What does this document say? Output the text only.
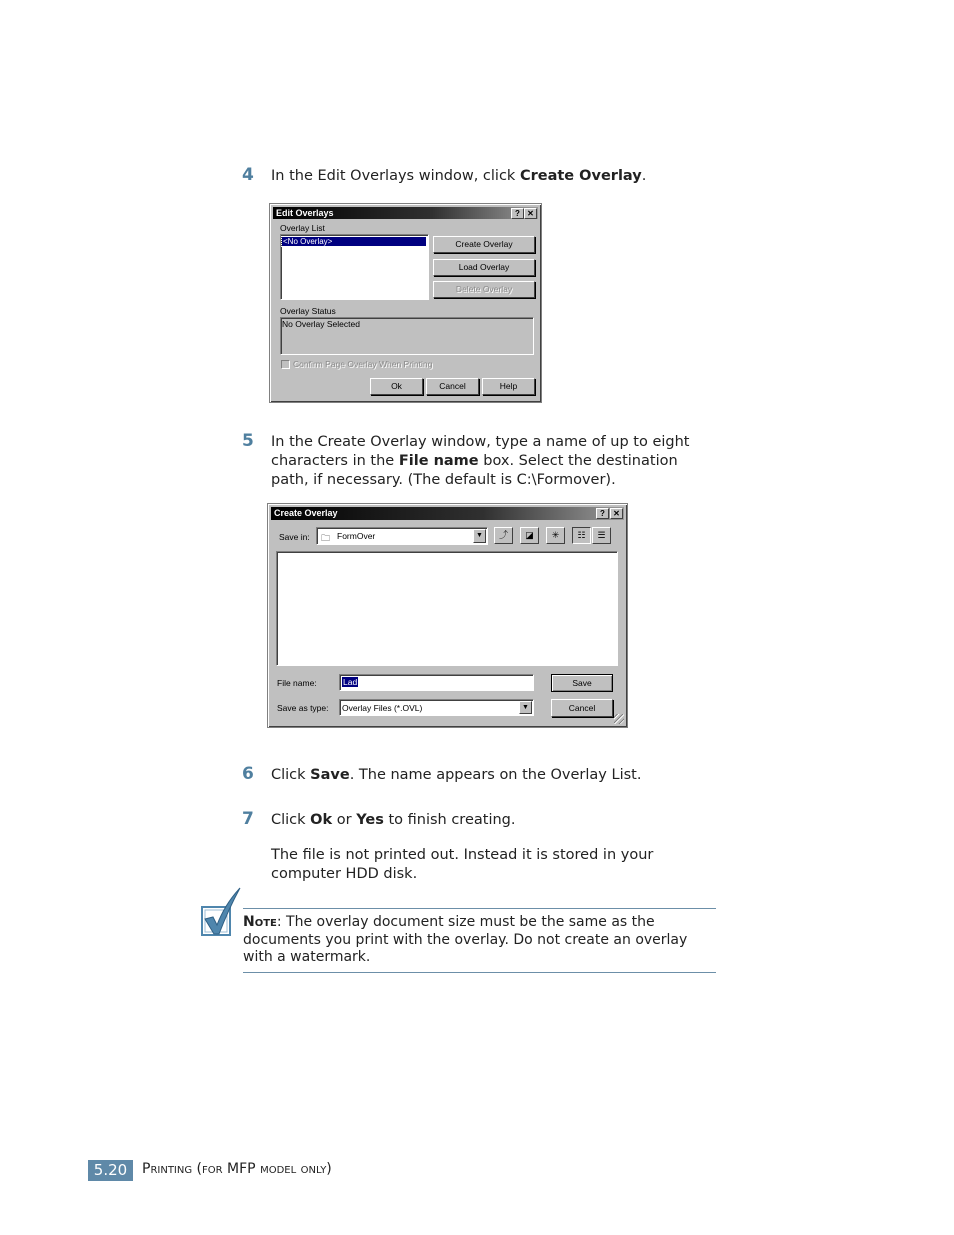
4 In the Edit Overlays window, click Create Overlay.
Edit Overlays	? ✕
Overlay List
<No Overlay>	Create Overlay
Load Overlay
Delete Overlay
Overlay Status
No Overlay Selected
Confirm Page Overlay When Printing
Ok	Cancel	Help
5 In the Create Overlay window, type a name of up to eight
characters in the File name box. Select the destination
path, if necessary. (The default is C:\Formover).
Create Overlay	?	✕
Save in: 🗀 FormOver	▼	⤴	◪	✳	☷	☰
File name:	Lad	Save
Save as type: Overlay Files (*.OVL)	▼	Cancel
6 Click Save. The name appears on the Overlay List.
7 Click Ok or Yes to finish creating.
The file is not printed out. Instead it is stored in your
computer HDD disk.
Note: The overlay document size must be the same as the
documents you print with the overlay. Do not create an overlay
with a watermark.
5.20	Printing (for MFP model only)
